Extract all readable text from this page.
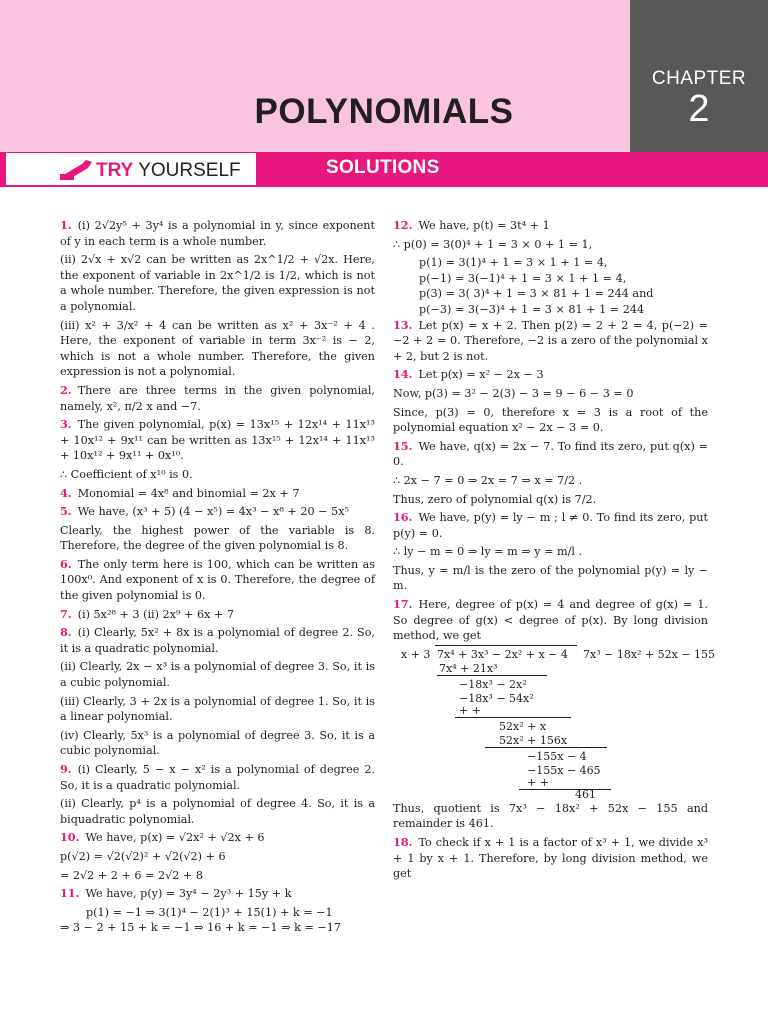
CHAPTER
2
POLYNOMIALS
TRY YOURSELF	SOLUTIONS

1. (i) 2√2y⁵ + 3y⁴ is a polynomial in y, since exponent of y in each term is a whole number.

(ii) 2√x + x√2 can be written as 2x^1/2 + √2x. Here, the exponent of variable in 2x^1/2 is 1/2, which is not a whole number. Therefore, the given expression is not a polynomial.

(iii) x² + 3/x² + 4 can be written as x² + 3x⁻² + 4 . Here, the exponent of variable in term 3x⁻² is − 2, which is not a whole number. Therefore, the given expression is not a polynomial.

2. There are three terms in the given polynomial, namely, x², π/2 x and −7.

3. The given polynomial, p(x) = 13x¹⁵ + 12x¹⁴ + 11x¹³ + 10x¹² + 9x¹¹ can be written as 13x¹⁵ + 12x¹⁴ + 11x¹³ + 10x¹² + 9x¹¹ + 0x¹⁰.

∴ Coefficient of x¹⁰ is 0.

4. Monomial = 4x⁸ and binomial = 2x + 7

5. We have, (x³ + 5) (4 − x⁵) = 4x³ − x⁸ + 20 − 5x⁵

Clearly, the highest power of the variable is 8. Therefore, the degree of the given polynomial is 8.

6. The only term here is 100, which can be written as 100x⁰. And exponent of x is 0. Therefore, the degree of the given polynomial is 0.

7. (i) 5x²⁸ + 3 (ii) 2x⁹ + 6x + 7

8. (i) Clearly, 5x² + 8x is a polynomial of degree 2. So, it is a quadratic polynomial.

(ii) Clearly, 2x − x³ is a polynomial of degree 3. So, it is a cubic polynomial.

(iii) Clearly, 3 + 2x is a polynomial of degree 1. So, it is a linear polynomial.

(iv) Clearly, 5x³ is a polynomial of degree 3. So, it is a cubic polynomial.

9. (i) Clearly, 5 − x − x² is a polynomial of degree 2. So, it is a quadratic polynomial.

(ii) Clearly, p⁴ is a polynomial of degree 4. So, it is a biquadratic polynomial.

10. We have, p(x) = √2x² + √2x + 6

p(√2) = √2(√2)² + √2(√2) + 6

= 2√2 + 2 + 6 = 2√2 + 8

11. We have, p(y) = 3y⁴ − 2y³ + 15y + k

p(1) = −1 ⇒ 3(1)⁴ − 2(1)³ + 15(1) + k = −1

⇒ 3 − 2 + 15 + k = −1 ⇒ 16 + k = −1 ⇒ k = −17

12. We have, p(t) = 3t⁴ + 1

∴ p(0) = 3(0)⁴ + 1 = 3 × 0 + 1 = 1,

p(1) = 3(1)⁴ + 1 = 3 × 1 + 1 = 4,

p(−1) = 3(−1)⁴ + 1 = 3 × 1 + 1 = 4,

p(3) = 3( 3)⁴ + 1 = 3 × 81 + 1 = 244 and

p(−3) = 3(−3)⁴ + 1 = 3 × 81 + 1 = 244

13. Let p(x) = x + 2. Then p(2) = 2 + 2 = 4, p(−2) = −2 + 2 = 0. Therefore, −2 is a zero of the polynomial x + 2, but 2 is not.

14. Let p(x) = x² − 2x − 3

Now, p(3) = 3² − 2(3) − 3 = 9 − 6 − 3 = 0

Since, p(3) = 0, therefore x = 3 is a root of the polynomial equation x² − 2x − 3 = 0.

15. We have, q(x) = 2x − 7. To find its zero, put q(x) = 0.

∴ 2x − 7 = 0 ⇒ 2x = 7 ⇒ x = 7/2 .

Thus, zero of polynomial q(x) is 7/2.

16. We have, p(y) = ly − m ; l ≠ 0. To find its zero, put p(y) = 0.

∴ ly − m = 0 ⇒ ly = m ⇒ y = m/l .

Thus, y = m/l is the zero of the polynomial p(y) = ly − m.

17. Here, degree of p(x) = 4 and degree of g(x) = 1. So degree of g(x) < degree of p(x). By long division method, we get

x + 3 7x⁴ + 3x³ − 2x² + x − 4 7x³ − 18x² + 52x − 155
7x⁴ + 21x³
−18x³ − 2x²
−18x³ − 54x²
+ +
52x² + x
52x² + 156x
−155x − 4
−155x − 465
+ +
461

Thus, quotient is 7x³ − 18x² + 52x − 155 and remainder is 461.

18. To check if x + 1 is a factor of x³ + 1, we divide x³ + 1 by x + 1. Therefore, by long division method, we get
